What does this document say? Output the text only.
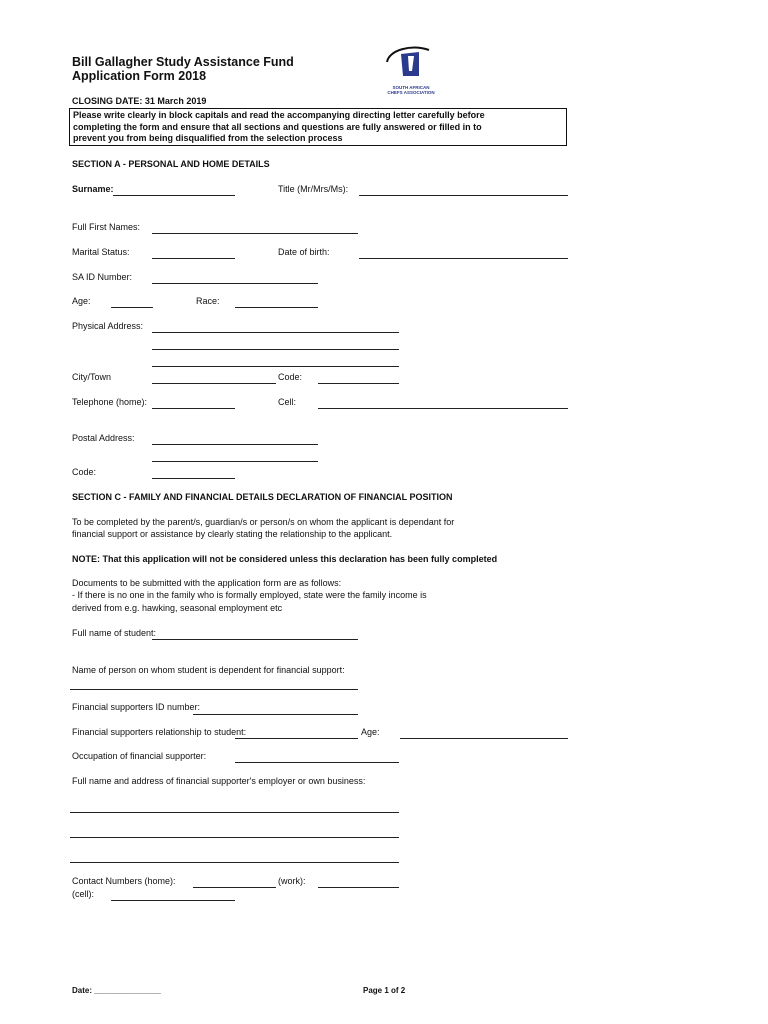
Bill Gallagher Study Assistance Fund
Application Form 2018
SOUTH AFRICAN
CHEFS ASSOCIATION
CLOSING DATE: 31 March 2019
Please write clearly in block capitals and read the accompanying directing letter carefully before
completing the form and ensure that all sections and questions are fully answered or filled in to
prevent you from being disqualified from the selection process
SECTION A - PERSONAL AND HOME DETAILS
Surname:	Title (Mr/Mrs/Ms):
Full First Names:
Marital Status:	Date of birth:
SA ID Number:
Age:	Race:
Physical Address:
City/Town	Code:
Telephone (home):	Cell:
Postal Address:
Code:
SECTION C - FAMILY AND FINANCIAL DETAILS DECLARATION OF FINANCIAL POSITION
To be completed by the parent/s, guardian/s or person/s on whom the applicant is dependant for
financial support or assistance by clearly stating the relationship to the applicant.
NOTE: That this application will not be considered unless this declaration has been fully completed
Documents to be submitted with the application form are as follows:
- If there is no one in the family who is formally employed, state were the family income is
derived from e.g. hawking, seasonal employment etc
Full name of student:
Name of person on whom student is dependent for financial support:
Financial supporters ID number:
Financial supporters relationship to student:	Age:
Occupation of financial supporter:
Full name and address of financial supporter's employer or own business:
Contact Numbers (home):	(work):
(cell):
Date: _______________	Page 1 of 2
